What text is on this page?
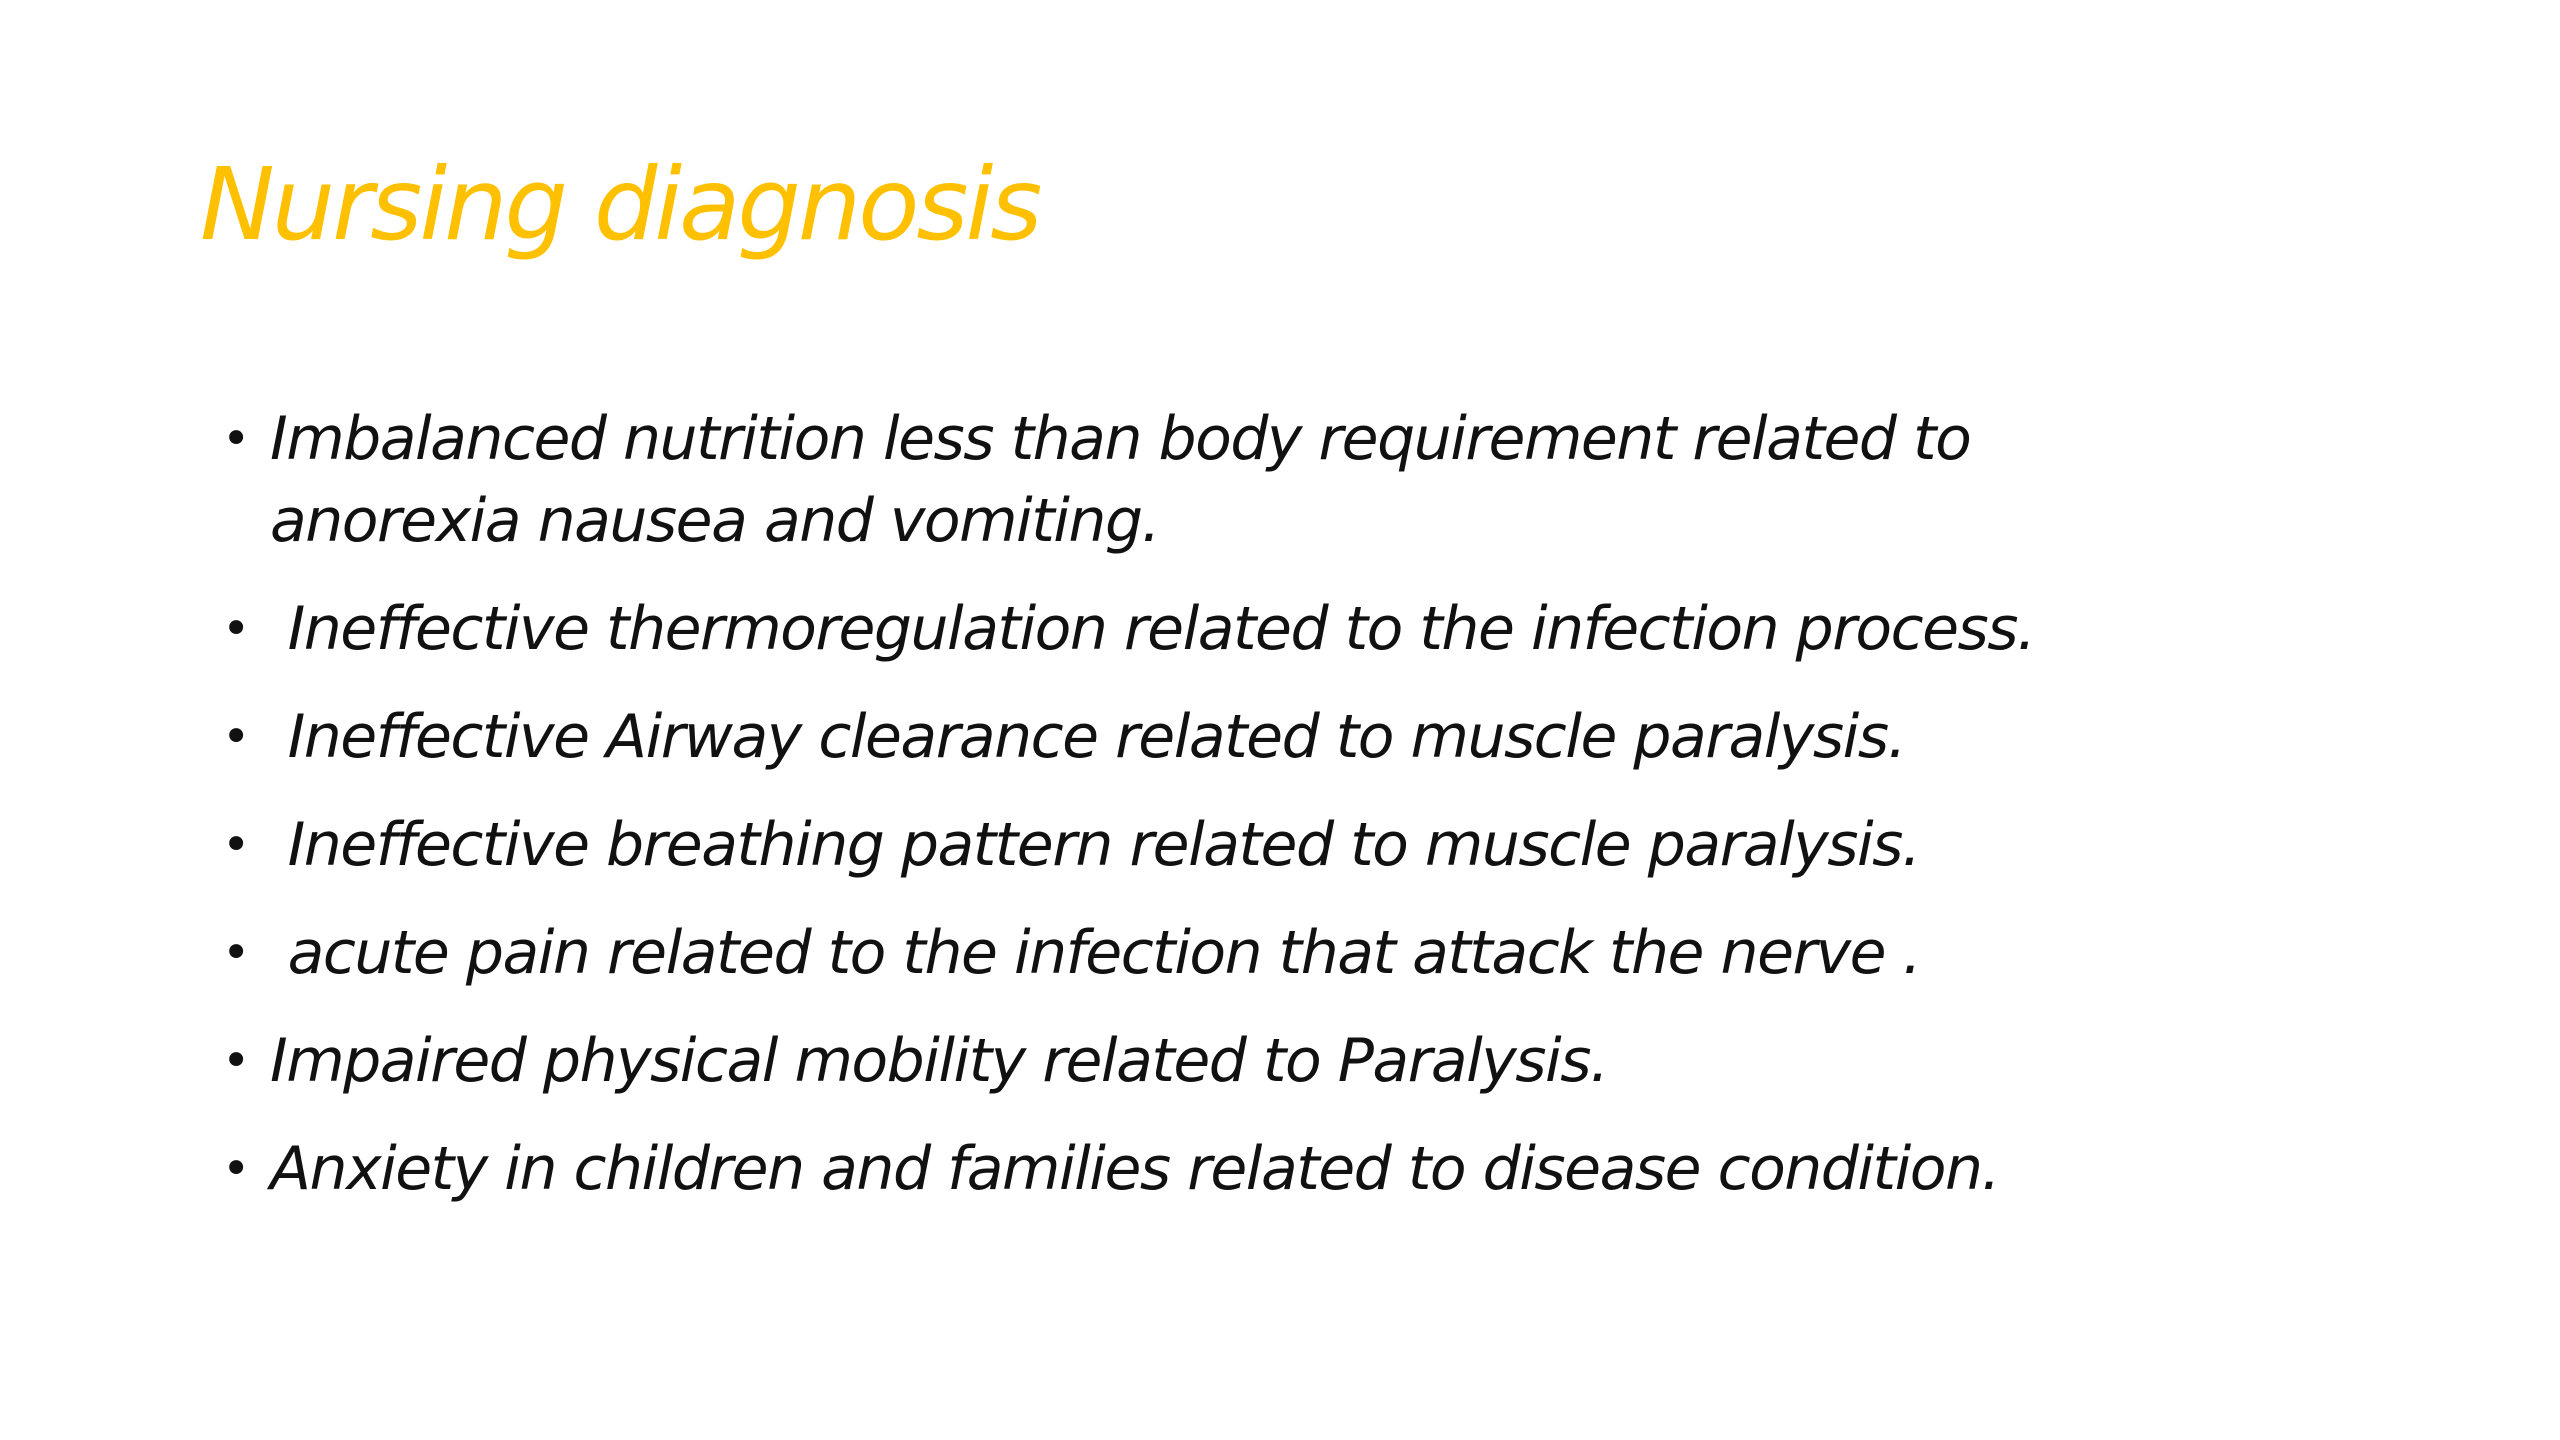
Nursing diagnosis
• Imbalanced nutrition less than body requirement related to anorexia nausea and vomiting.
• Ineffective thermoregulation related to the infection process.
• Ineffective Airway clearance related to muscle paralysis.
• Ineffective breathing pattern related to muscle paralysis.
• acute pain related to the infection that attack the nerve .
• Impaired physical mobility related to Paralysis.
• Anxiety in children and families related to disease condition.
